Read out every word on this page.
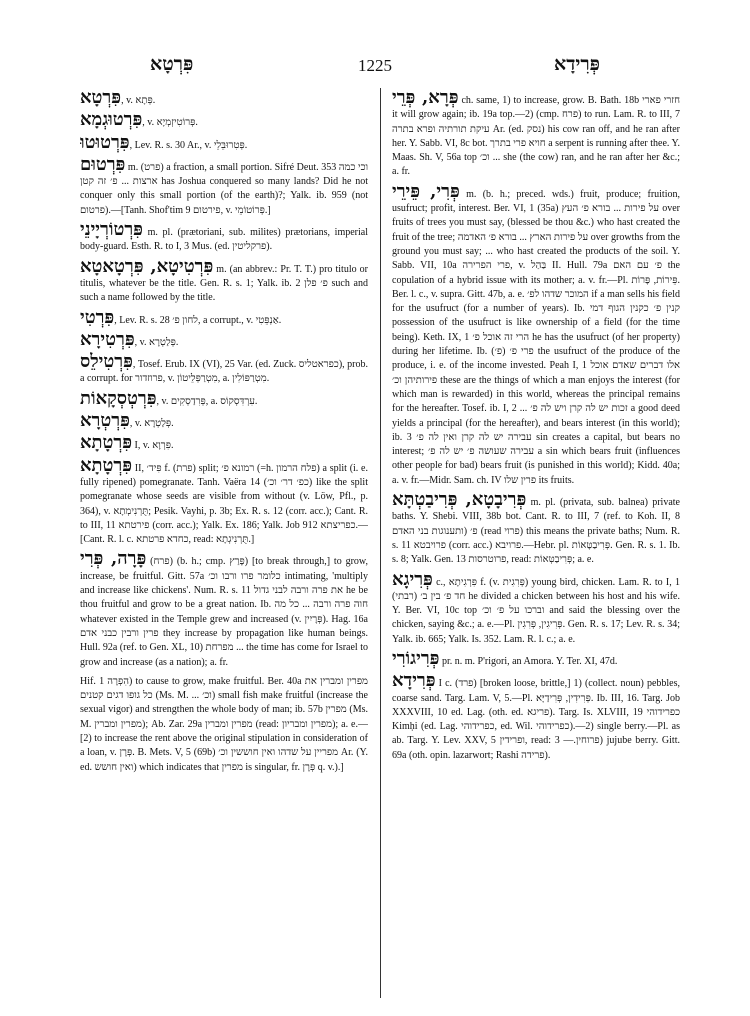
פִּרְטָא	1225	פְּרִידָא

פִּרְטָא, v. פְּתָא.

פִּרְטוּגְמָא, v. פְּרוֹטִיזְמְיָא.

פִּרְטוּטוּ, Lev. R. s. 30 Ar., v. פְּטִרוּבֵּלֵי.

פִּרְטוּם m. (פרט) a fraction, a small portion. Sifré Deut. 353 וכי כמה ארצות ... פ׳ זה קטן has Joshua conquered so many lands? Did he not conquer only this small portion (of the earth)?; Yalk. ib. 959 (not פרטום).—[Tanh. Shof'tim 9 פירטום, v. פְּרוֹטוֹמֵי.]

פִּרְטוֹרְיָינֵי m. pl. (prætoriani, sub. milites) prætorians, imperial body-guard. Esth. R. to I, 3 Mus. (ed. פרקליטין).

פִּרְטִיטָא, פִּרְטָאטָא m. (an abbrev.: Pr. T. T.) pro titulo or titulis, whatever be the title. Gen. R. s. 1; Yalk. ib. 2 פ׳ פלן such and such a name followed by the title.

פִּרְטִי, Lev. R. s. 28 לחון פ׳, a corrupt., v. אַנְפֵּטִי.

פִּרְטִירָא, v. פְּלַטְרָא.

פִּרְטִילֵס, Tosef. Erub. IX (VI), 25 Var. (ed. Zuck. כפראטליס), prob. a corrupt. for פרוזדור, v. מִטְרַפְּלֵיטוֹן, a. מִטְרַפּוֹלִין.

פִּרְטְסְקָאוֹת, v. פְּרִדַסְקִים, a. עִרְדִּסְקוֹס.

פִּרְטְרָא, v. פְּלַטְרָא.

פִּרְטָתָא I, v. פִּרְוָא.

פִּרְטָתָא II, פִּיד׳ f. (פרת) split; רמונא פ׳ (=h. פלח הרמון) a split (i. e. fully ripened) pomegranate. Tanh. Vaëra 14 (כפ׳ דר׳ וכ׳) like the split pomegranate whose seeds are visible from without (v. Löw, Pfl., p. 364), v. תֻּרְנִימְתָא; Pesik. Vayhi, p. 3b; Ex. R. s. 12 (corr. acc.); Cant. R. to III, 11 פירטתא (corr. acc.); Yalk. Ex. 186; Yalk. Job 912 כפריצתא.—[Cant. R. l. c. כחדא פרטתא, read: תֻּרְנִיגְתָא.]

פָּרָה, פְּרִי (פרח) (b. h.; cmp. פָּרַץ) [to break through,] to grow, increase, be fruitful. Gitt. 57a כלומר פרו ורבו וכ׳ intimating, 'multiply and increase like chickens'. Num. R. s. 11 את פרה ורבה לבני גדול he be thou fruitful and grow to be a great nation. Ib. חוה פרה ורבה ... כל מה whatever existed in the Temple grew and increased (v. פְּרָיִין). Hag. 16a פרין ורבין כבני אדם they increase by propagation like human beings. Hull. 92a (ref. to Gen. XL, 10) מפרחת ... the time has come for Israel to grow and increase (as a nation); a. fr.

Hif. הִפְרָה 1) to cause to grow, make fruitful. Ber. 40a מפרין ומברין את כל גופו דגים קטנים (Ms. M. ... וכ׳) small fish make fruitful (increase the sexual vigor) and strengthen the whole body of man; ib. 57b מפרין (Ms. M. מפרין ומברין); Ab. Zar. 29a מפרין ומברין (read: מפרין ומבריון); a. e.—[2) to increase the rent above the original stipulation in consideration of a loan, v. פְּרָן. B. Mets. V, 5 (69b) מפריין על שדהו ואין חוששין וכ׳ Ar. (Y. ed. ואין חושש) which indicates that מפרין is singular, fr. פְּרָן q. v.).]

פְּרָא, פְּרֵי ch. same, 1) to increase, grow. B. Bath. 18b חזרי פארי it will grow again; ib. 19a top.—2) (cmp. פרח) to run. Lam. R. to III, 7 עיקת תורתיה ופרא בתרה Ar. (ed. נסק) his cow ran off, and he ran after her. Y. Sabb. VI, 8c bot. חויא פרי בתרך a serpent is running after thee. Y. Maas. Sh. V, 56a top וכ׳ ... she (the cow) ran, and he ran after her &c.; a. fr.

פְּרִי, פֵּירֵי m. (b. h.; preced. wds.) fruit, produce; fruition, usufruct; profit, interest. Ber. VI, 1 (35a) על פירות ... בורא פ׳ העץ over fruits of trees you must say, (blessed be thou &c.) who hast created the fruit of the tree; על פירות הארץ ... בורא פ׳ האדמה over growths from the ground you must say; ... who hast created the products of the soil. Y. Sabb. VII, 10a פרי הפרירה, v. בַּהַל II. Hull. 79a פ׳ עם האם the copulation of a hybrid issue with its mother; a. v. fr.—Pl. פֵּירוֹת, פָּרוֹת. Ber. l. c., v. supra. Gitt. 47b, a. e. המוכר שדהו לפ׳ if a man sells his field for the usufruct (for a number of years). Ib. קנין פ׳ כקנין הגוף דמי possession of the usufruct is like ownership of a field (for the time being). Keth. IX, 1 הרי זה אוכל פ׳ he has the usufruct (of her property) during her lifetime. Ib. פרי פ׳ (פ׳) the usufruct of the produce of the produce, i. e. of the income invested. Peah I, 1 אלו דברים שאדם אוכל פירותיהן וכ׳ these are the things of which a man enjoys the interest (for which man is rewarded) in this world, whereas the principal remains for the hereafter. Tosef. ib. I, 2 ... זכות יש לה קרן ויש לה פ׳ a good deed yields a principal (for the hereafter), and bears interest (in this world); ib. 3 עבירה יש לה קרן ואין לה פ׳ sin creates a capital, but bears no interest; עבירה שעושה פ׳ יש לה פ׳ a sin which bears fruit (influences other people for bad) bears fruit (is punished in this world); Kidd. 40a; a. v. fr.—Midr. Sam. ch. IV פרין שלו its fruits.

פְּרִיבָטָא, פְּרִיבַטְתָּא m. pl. (privata, sub. balnea) private baths. Y. Shebi. VIII, 38b bot. Cant. R. to III, 7 (ref. to Koh. II, 8 ותענוגות בני האדם) פ׳ (read פרוי) this means the private baths; Num. R. s. 11 פרויבטא (corr. acc.) פרויבא.—Hebr. pl. פְּרִיבַטָּאוֹת. Gen. R. s. 1. Ib. s. 8; Yalk. Gen. 13 פרוטרסות, read: פְּרִיבַטְּאוֹת; a. e.

פְּרִיגָא c., פִּרְגִיתָא f. (v. פְּרִגִית) young bird, chicken. Lam. R. to I, 1 (רבתי) חד פ׳ בין ב׳ he divided a chicken between his host and his wife. Y. Ber. VI, 10c top וברכו על פ׳ וכ׳ and said the blessing over the chicken, saying &c.; a. e.—Pl. פְּרִיגִין, פְּרִגִין. Gen. R. s. 17; Lev. R. s. 34; Yalk. ib. 665; Yalk. Is. 352. Lam. R. l. c.; a. e.

פְּרִיגוֹרִי pr. n. m. P'rigori, an Amora. Y. Ter. XI, 47d.

פְּרִידָא I c. (פרד) [broken loose, brittle,] 1) (collect. noun) pebbles, coarse sand. Targ. Lam. V, 5.—Pl. פְּרִידִין, פְּרִידַיָּא. Ib. III, 16. Targ. Job XXXVIII, 10 ed. Lag. (oth. ed. פריגא). Targ. Is. XLVIII, 19 כפרידוהי Kimḥi (ed. Lag. כפרידוהי, ed. Wil. כפרידוהי).—2) single berry.—Pl. as ab. Targ. Y. Lev. XXV, 5 ופרידין, read: פרוחין.— 3) jujube berry. Gitt. 69a (oth. opin. lazarwort; Rashi פרידה).
